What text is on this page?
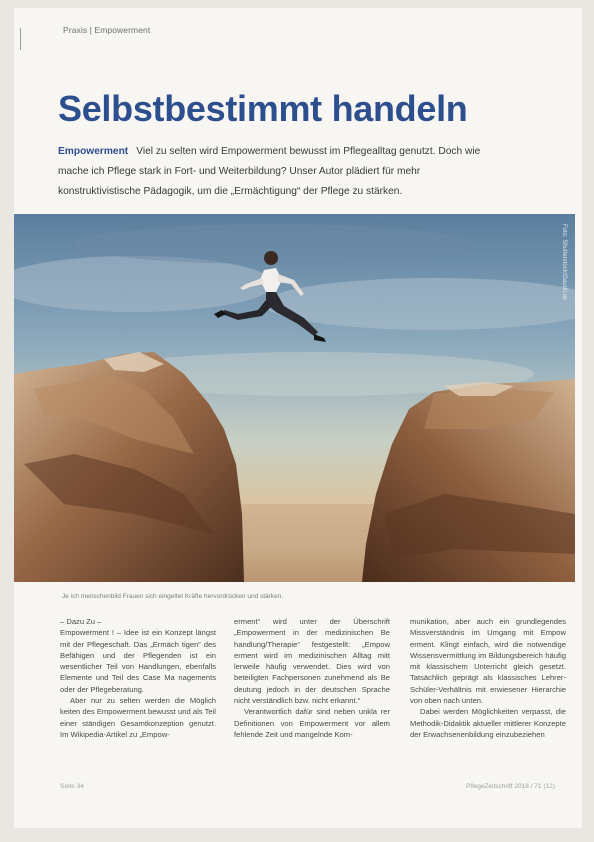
Praxis | Empowerment
Selbstbestimmt handeln

Empowerment Viel zu selten wird Empowerment bewusst im Pflegealltag genutzt. Doch wie mache ich Pflege stark in Fort- und Weiterbildung? Unser Autor plädiert für mehr konstruktivistische Pädagogik, um die „Ermächtigung“ der Pflege zu stärken.

Foto: Shutterstock/GaudiLab
Je ich menschenbild Frauen sich eingeltet Kräfte hervordrücken und stärken.

– Dazu Zu –

Empowerment ! – Idee ist ein Konzept längst mit der Pflegeschaft. Das „Ermäch tigen“ des Befähigen und der Pflegenden ist ein wesentlicher Teil von Handlungen, ebenfalls Elemente und Teil des Case Ma nagements oder der Pflegeberatung.

Aber nur zu selten werden die Möglich keiten des Empowerment bewusst und als Teil einer ständigen Gesamtkonzeption genutzt. Im Wikipedia-Artikel zu „Empow-

erment“ wird unter der Überschrift „Empowerment in der medizinischen Be handlung/Therapie“ festgestellt: „Empow erment wird im medizinischen Alltag mitt lerweile häufig verwendet. Dies wird von beteiligten Fachpersonen zunehmend als Be deutung jedoch in der deutschen Sprache nicht verständlich bzw. nicht erkannt.“

Verantwortlich dafür sind neben unkla rer Definitionen von Empowerment vor allem fehlende Zeit und mangelnde Kom-

munikation, aber auch ein grundlegendes Missverständnis im Umgang mit Empow erment. Klingt einfach, wird die notwendige Wissensvermittlung im Bildungsbereich häufig mit klassischem Unterricht gleich gesetzt. Tatsächlich geprägt als klassisches Lehrer-Schüler-Verhältnis mit erwiesener Hierarchie von oben nach unten.

Dabei werden Möglichkeiten verpasst, die Methodik-Didaktik aktueller mittlerer Konzepte der Erwachsenenbildung einzubeziehen

Seite 34	PflegeZeitschrift 2018 / 71 (12)
